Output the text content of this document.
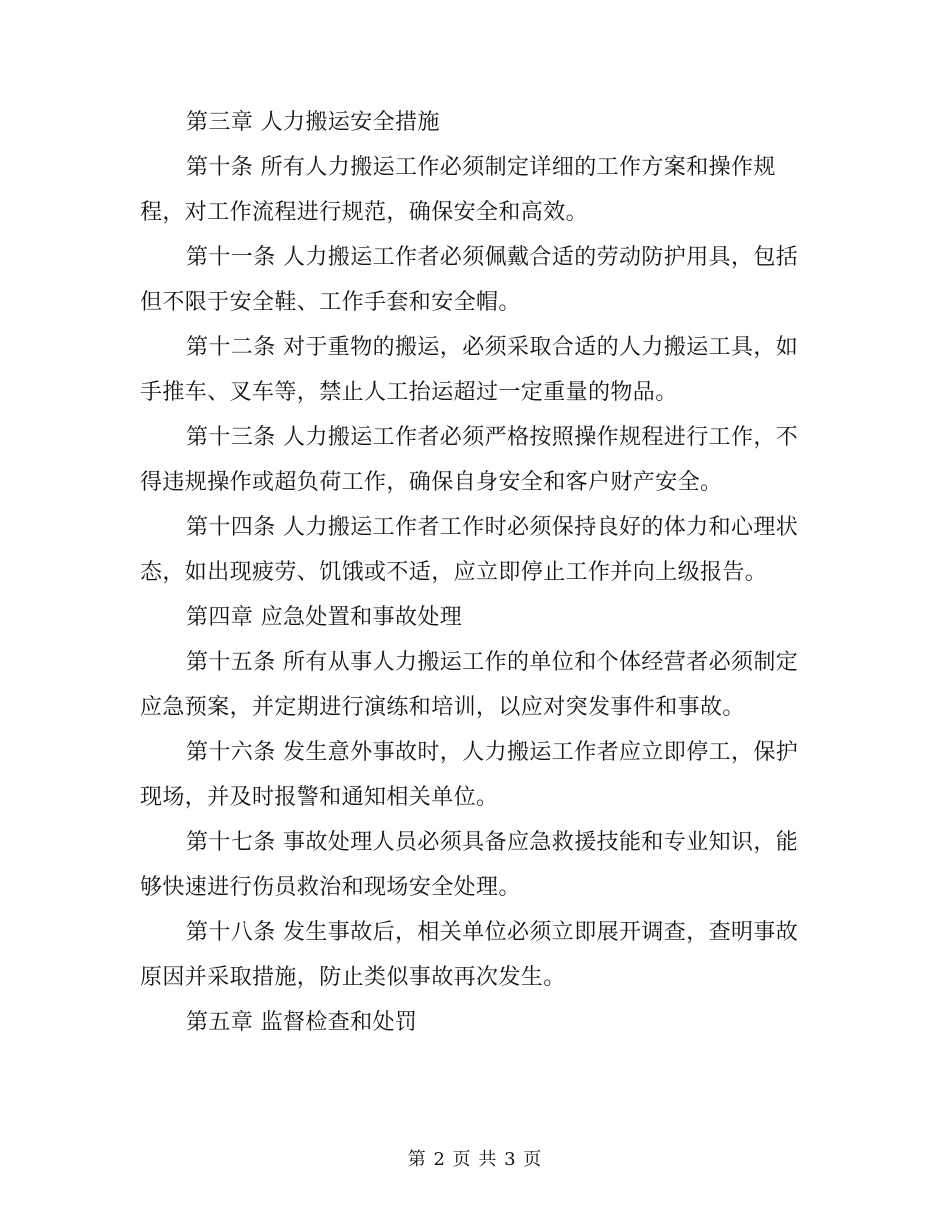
第三章 人力搬运安全措施

第十条 所有人力搬运工作必须制定详细的工作方案和操作规程，对工作流程进行规范，确保安全和高效。

第十一条 人力搬运工作者必须佩戴合适的劳动防护用具，包括但不限于安全鞋、工作手套和安全帽。

第十二条 对于重物的搬运，必须采取合适的人力搬运工具，如手推车、叉车等，禁止人工抬运超过一定重量的物品。

第十三条 人力搬运工作者必须严格按照操作规程进行工作，不得违规操作或超负荷工作，确保自身安全和客户财产安全。

第十四条 人力搬运工作者工作时必须保持良好的体力和心理状态，如出现疲劳、饥饿或不适，应立即停止工作并向上级报告。

第四章 应急处置和事故处理

第十五条 所有从事人力搬运工作的单位和个体经营者必须制定应急预案，并定期进行演练和培训，以应对突发事件和事故。

第十六条 发生意外事故时，人力搬运工作者应立即停工，保护现场，并及时报警和通知相关单位。

第十七条 事故处理人员必须具备应急救援技能和专业知识，能够快速进行伤员救治和现场安全处理。

第十八条 发生事故后，相关单位必须立即展开调查，查明事故原因并采取措施，防止类似事故再次发生。

第五章 监督检查和处罚

第 2 页 共 3 页
